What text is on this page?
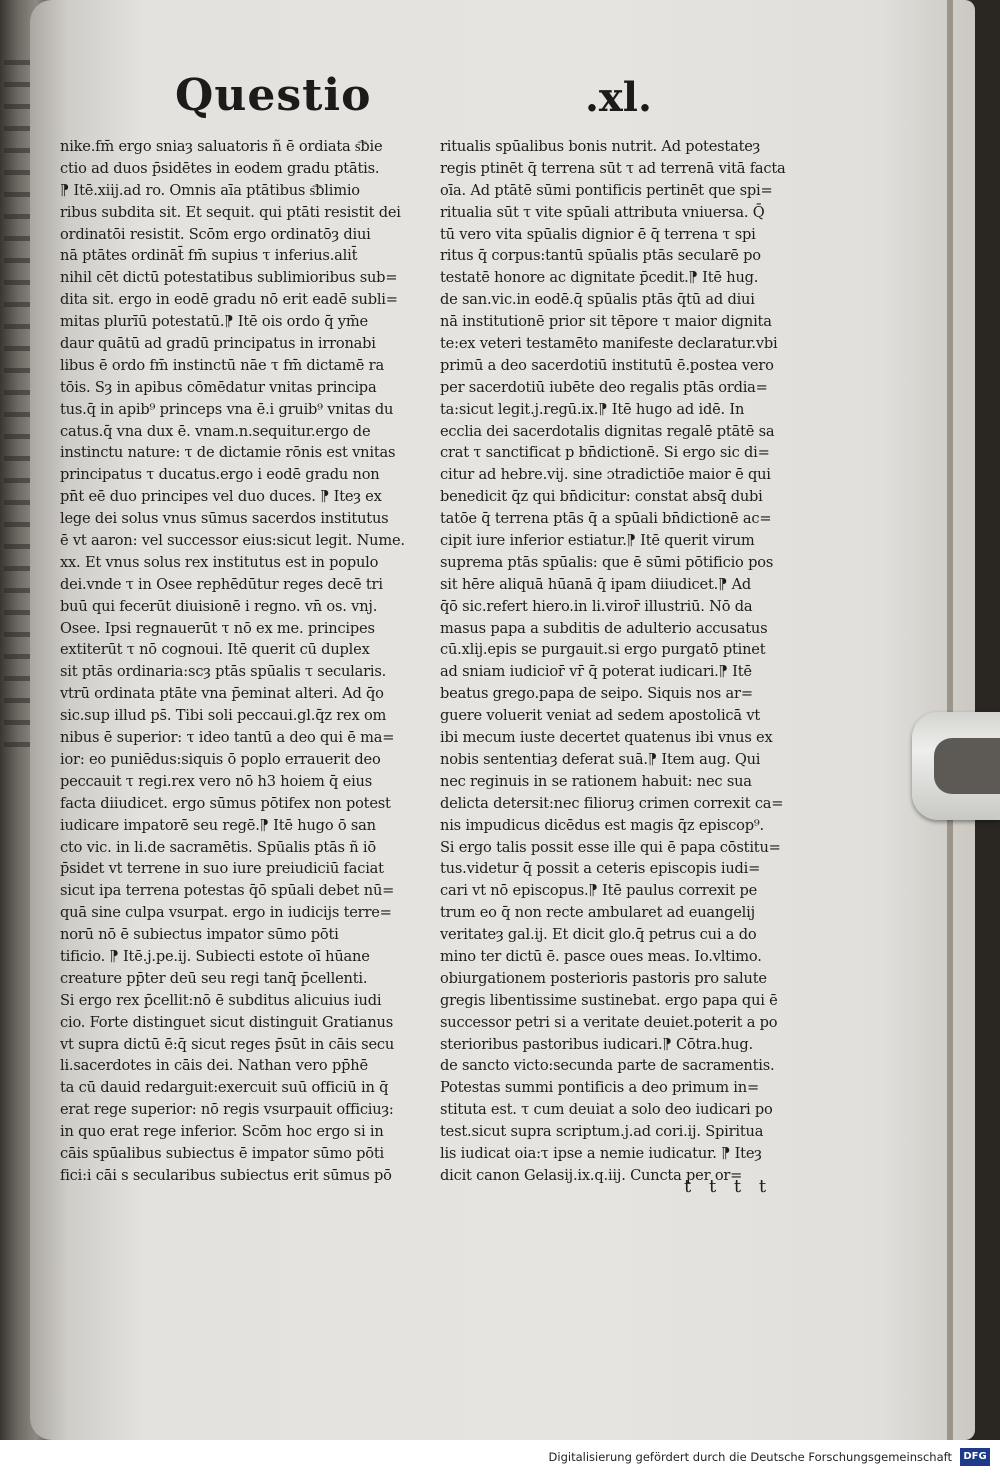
Questio	.xl.
nike.fm̄ ergo sniaȝ saluatoris ñ ē ordiata s͞bie
ctio ad duos p̄sidētes in eodem gradu ptātis.
⁋ Itē.xiij.ad ro. Omnis aīa ptātibus s͞blimio
ribus subdita sit. Et sequit. qui ptāti resistit dei
ordinatōi resistit. Scōm ergo ordinatōȝ diui
nā ptātes ordināt̄ fm̄ supius τ inferius.alit̄
nihil cēt dictū potestatibus sublimioribus sub=
dita sit. ergo in eodē gradu nō erit eadē subli=
mitas plurīū potestatū.⁋ Itē ois ordo q̄ ym̄e
daur quātū ad gradū principatus in irronabi
libus ē ordo fm̄ instinctū nāe τ fm̄ dictamē ra
tōis. Sȝ in apibus cōmēdatur vnitas principa
tus.q̄ in apib⁹ princeps vna ē.i gruib⁹ vnitas du
catus.q̄ vna dux ē. vnam.n.sequitur.ergo de
instinctu nature: τ de dictamie rōnis est vnitas
principatus τ ducatus.ergo i eodē gradu non
pn̄t eē duo principes vel duo duces. ⁋ Iteȝ ex
lege dei solus vnus sūmus sacerdos institutus
ē vt aaron: vel successor eius:sicut legit. Nume.
xx. Et vnus solus rex institutus est in populo
dei.vnde τ in Osee rephēdūtur reges decē tri
buū qui fecerūt diuisionē i regno. vn̄ os. vnj.
Osee. Ipsi regnauerūt τ nō ex me. principes
extiterūt τ nō cognoui. Itē querit cū duplex
sit ptās ordinaria:scȝ ptās spūalis τ secularis.
vtrū ordinata ptāte vna p̄eminat alteri. Ad q̄o
sic.sup illud ps̄. Tibi soli peccaui.gl.q̄z rex om
nibus ē superior: τ ideo tantū a deo qui ē ma=
ior: eo puniēdus:siquis ō poplo errauerit deo
peccauit τ regi.rex vero nō h3 hoiem q̄ eius
facta diiudicet. ergo sūmus pōtifex non potest
iudicare impatorē seu regē.⁋ Itē hugo ō san
cto vic. in li.de sacramētis. Spūalis ptās ñ iō
p̄sidet vt terrene in suo iure preiudiciū faciat
sicut ipa terrena potestas q̄ō spūali debet nū=
quā sine culpa vsurpat. ergo in iudicijs terre=
norū nō ē subiectus impator sūmo pōti
tificio. ⁋ Itē.j.pe.ij. Subiecti estote oī hūane
creature pp̄ter deū seu regi tanq̄ p̄cellenti.
Si ergo rex p̄cellit:nō ē subditus alicuius iudi
cio. Forte distinguet sicut distinguit Gratianus
vt supra dictū ē:q̄ sicut reges p̄sūt in cāis secu
li.sacerdotes in cāis dei. Nathan vero pp̄hē
ta cū dauid redarguit:exercuit suū officiū in q̄
erat rege superior: nō regis vsurpauit officiuȝ:
in quo erat rege inferior. Scōm hoc ergo si in
cāis spūalibus subiectus ē impator sūmo pōti
fici:i cāi s secularibus subiectus erit sūmus pō
ritualis spūalibus bonis nutrit. Ad potestateȝ
regis ptinēt q̄ terrena sūt τ ad terrenā vitā facta
oīa. Ad ptātē sūmi pontificis pertinēt que spi=
ritualia sūt τ vite spūali attributa vniuersa. Q̄
tū vero vita spūalis dignior ē q̄ terrena τ spi
ritus q̄ corpus:tantū spūalis ptās secularē po
testatē honore ac dignitate p̄cedit.⁋ Itē hug.
de san.vic.in eodē.q̄ spūalis ptās q̄tū ad diui
nā institutionē prior sit tēpore τ maior dignita
te:ex veteri testamēto manifeste declaratur.vbi
primū a deo sacerdotiū institutū ē.postea vero
per sacerdotiū iubēte deo regalis ptās ordia=
ta:sicut legit.j.regū.ix.⁋ Itē hugo ad idē. In
ecclia dei sacerdotalis dignitas regalē ptātē sa
crat τ sanctificat p bn̄dictionē. Si ergo sic di=
citur ad hebre.vij. sine ɔtradictiōe maior ē qui
benedicit q̄z qui bn̄dicitur: constat absq̄ dubi
tatōe q̄ terrena ptās q̄ a spūali bn̄dictionē ac=
cipit iure inferior estiatur.⁋ Itē querit virum
suprema ptās spūalis: que ē sūmi pōtificio pos
sit hēre aliquā hūanā q̄ ipam diiudicet.⁋ Ad
q̄ō sic.refert hiero.in li.viror̄ illustriū. Nō da
masus papa a subditis de adulterio accusatus
cū.xlij.epis se purgauit.si ergo purgatō ptinet
ad sniam iudicior̄ vr̄ q̄ poterat iudicari.⁋ Itē
beatus grego.papa de seipo. Siquis nos ar=
guere voluerit veniat ad sedem apostolicā vt
ibi mecum iuste decertet quatenus ibi vnus ex
nobis sententiaȝ deferat suā.⁋ Item aug. Qui
nec reginuis in se rationem habuit: nec sua
delicta detersit:nec filioruȝ crimen correxit ca=
nis impudicus dicēdus est magis q̄z episcop⁹.
Si ergo talis possit esse ille qui ē papa cōstitu=
tus.videtur q̄ possit a ceteris episcopis iudi=
cari vt nō episcopus.⁋ Itē paulus correxit pe
trum eo q̄ non recte ambularet ad euangelij
veritateȝ gal.ij. Et dicit glo.q̄ petrus cui a do
mino ter dictū ē. pasce oues meas. Io.vltimo.
obiurgationem posterioris pastoris pro salute
gregis libentissime sustinebat. ergo papa qui ē
successor petri si a veritate deuiet.poterit a po
sterioribus pastoribus iudicari.⁋ Cōtra.hug.
de sancto victo:secunda parte de sacramentis.
Potestas summi pontificis a deo primum in=
stituta est. τ cum deuiat a solo deo iudicari po
test.sicut supra scriptum.j.ad cori.ij. Spiritua
lis iudicat oia:τ ipse a nemie iudicatur. ⁋ Iteȝ
dicit canon Gelasij.ix.q.iij. Cuncta per or=
t t t t
Digitalisierung gefördert durch die Deutsche Forschungsgemeinschaft	DFG
